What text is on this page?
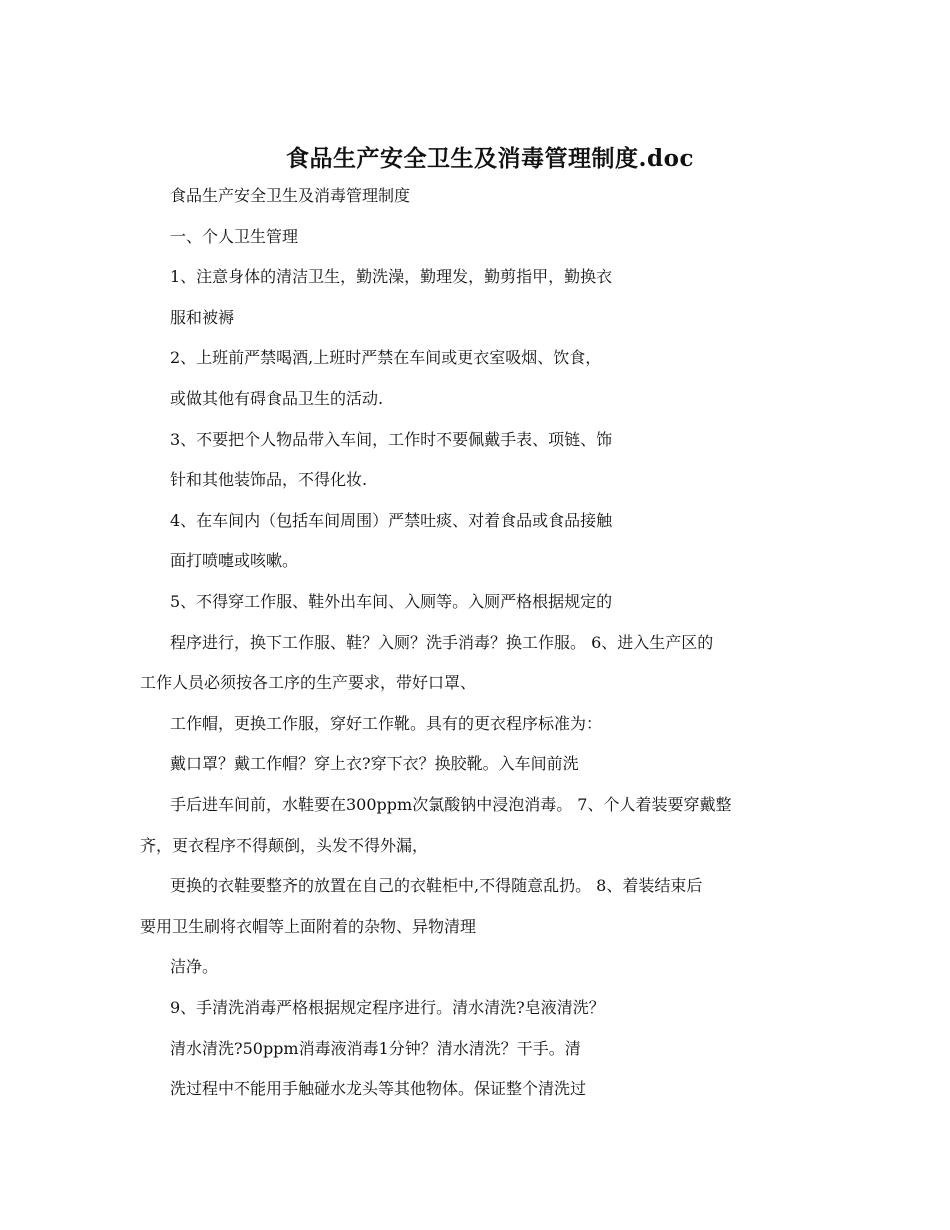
食品生产安全卫生及消毒管理制度.doc
食品生产安全卫生及消毒管理制度
一、个人卫生管理
1、注意身体的清洁卫生，勤洗澡，勤理发，勤剪指甲，勤换衣
服和被褥
2、上班前严禁喝酒,上班时严禁在车间或更衣室吸烟、饮食，
或做其他有碍食品卫生的活动.
3、不要把个人物品带入车间，工作时不要佩戴手表、项链、饰
针和其他装饰品，不得化妆.
4、在车间内（包括车间周围）严禁吐痰、对着食品或食品接触
面打喷嚏或咳嗽。
5、不得穿工作服、鞋外出车间、入厕等。入厕严格根据规定的
程序进行，换下工作服、鞋？入厕？洗手消毒？换工作服。 6、进入生产区的
工作人员必须按各工序的生产要求，带好口罩、
工作帽，更换工作服，穿好工作靴。具有的更衣程序标准为：
戴口罩？戴工作帽？穿上衣?穿下衣？换胶靴。入车间前洗
手后进车间前，水鞋要在300ppm次氯酸钠中浸泡消毒。 7、个人着装要穿戴整
齐，更衣程序不得颠倒，头发不得外漏，
更换的衣鞋要整齐的放置在自己的衣鞋柜中,不得随意乱扔。 8、着装结束后
要用卫生刷将衣帽等上面附着的杂物、异物清理
洁净。
9、手清洗消毒严格根据规定程序进行。清水清洗?皂液清洗？
清水清洗?50ppm消毒液消毒1分钟？清水清洗？干手。清
洗过程中不能用手触碰水龙头等其他物体。保证整个清洗过
